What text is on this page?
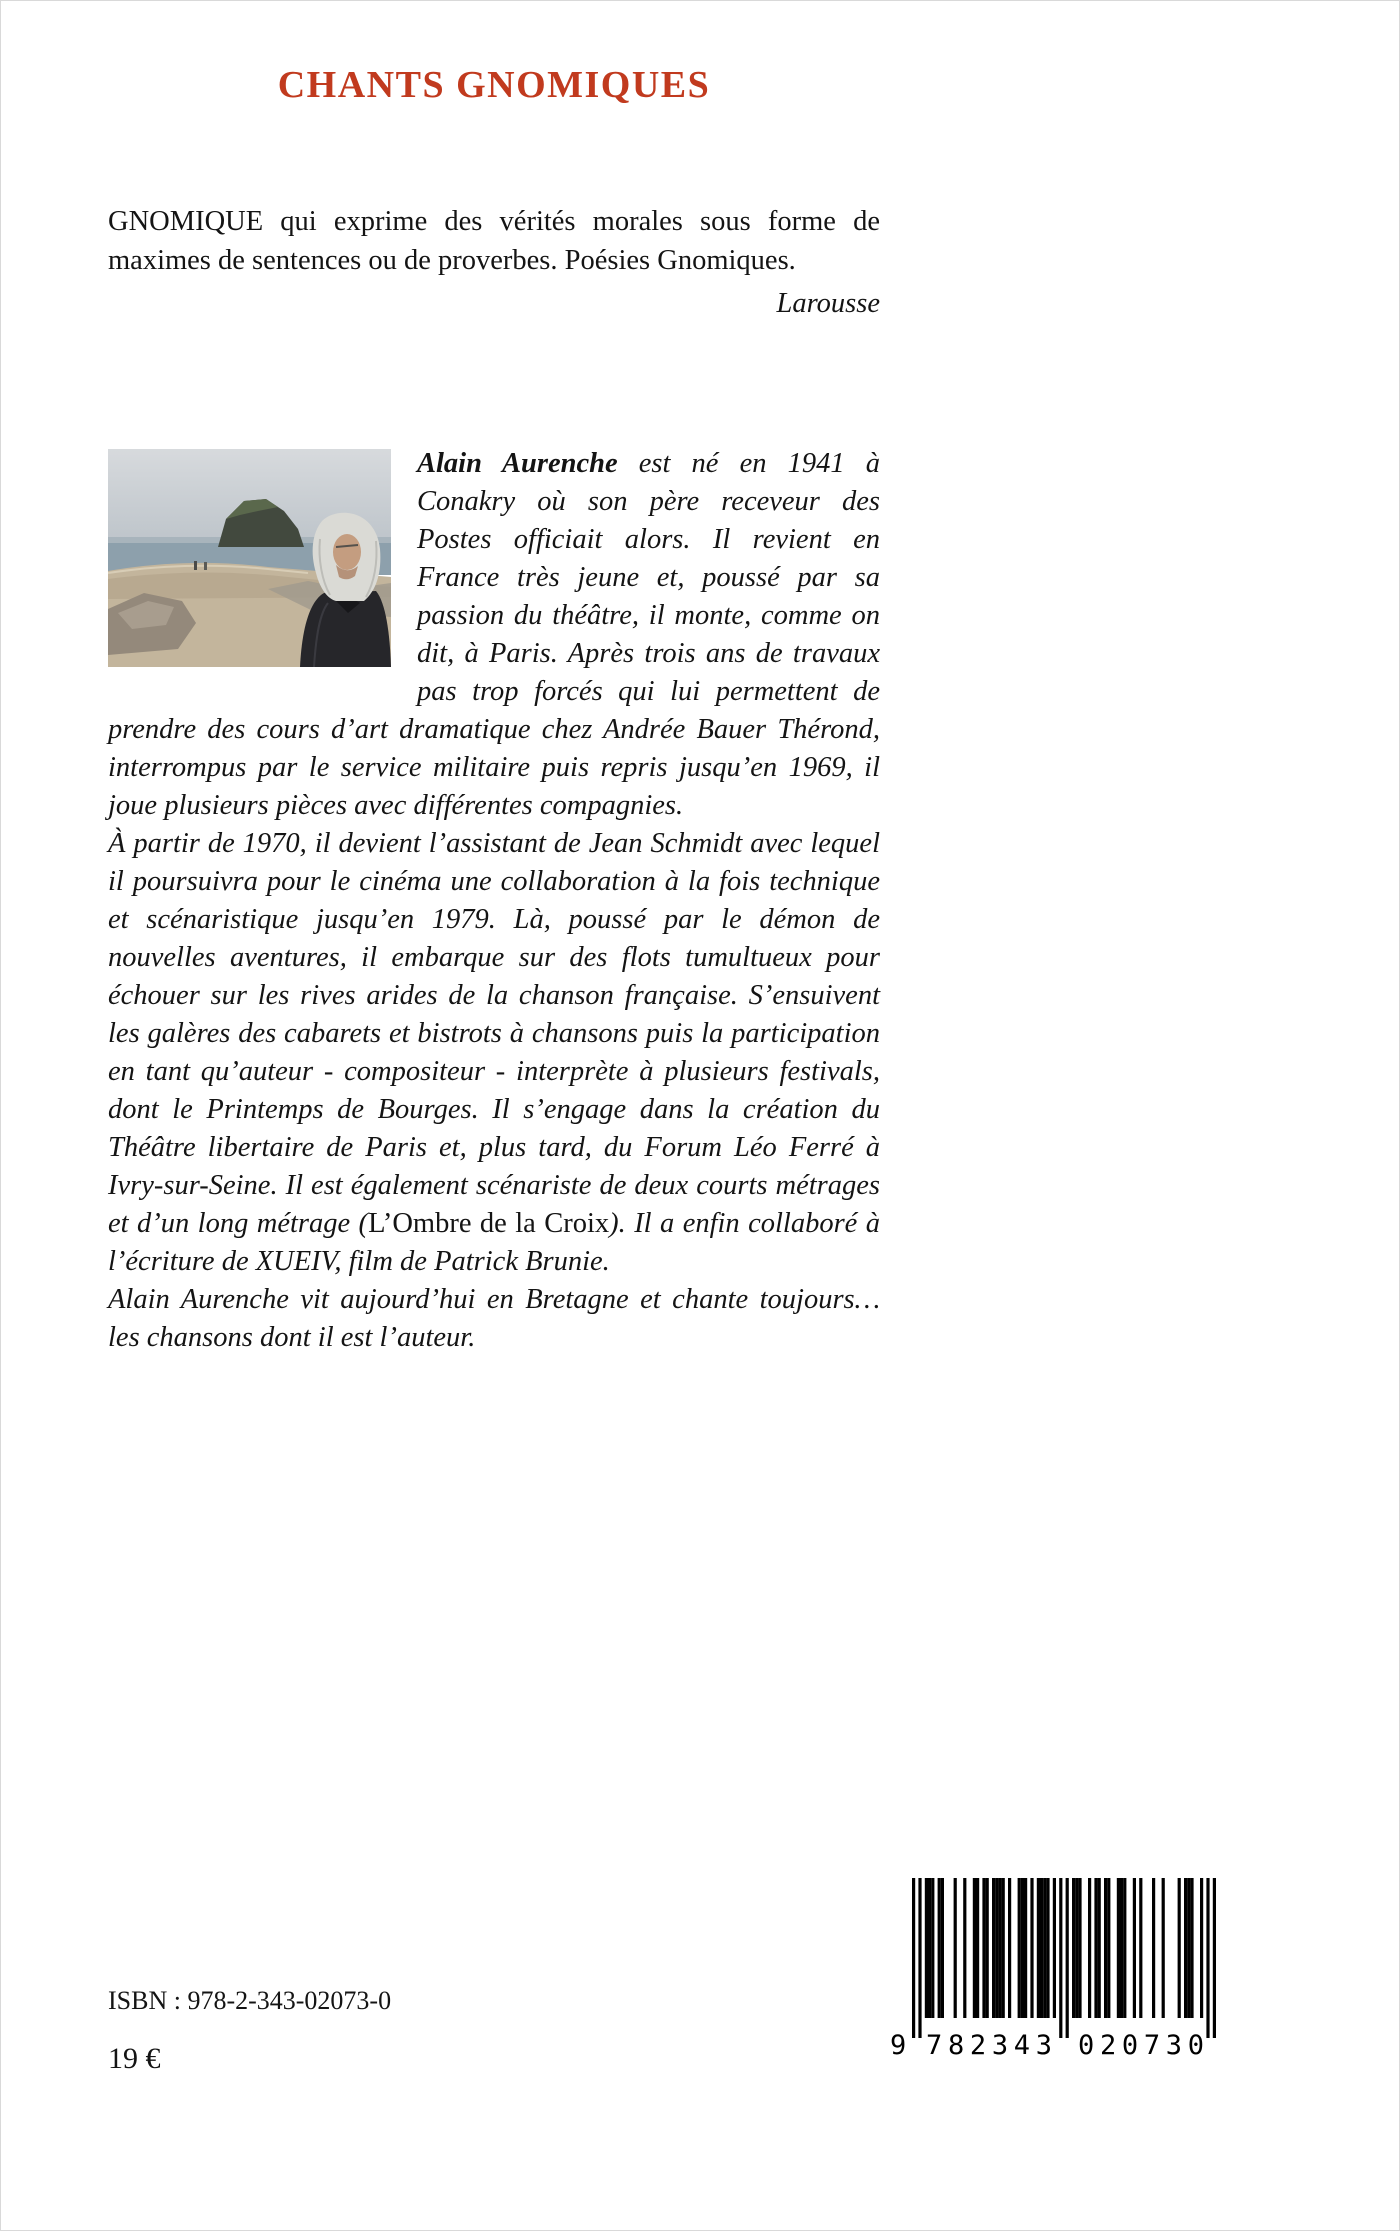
CHANTS GNOMIQUES

GNOMIQUE qui exprime des vérités morales sous forme de maximes de sentences ou de proverbes. Poésies Gnomiques.

Larousse

Alain Aurenche est né en 1941 à Conakry où son père receveur des Postes officiait alors. Il revient en France très jeune et, poussé par sa passion du théâtre, il monte, comme on dit, à Paris. Après trois ans de travaux pas trop forcés qui lui permettent de prendre des cours d’art dramatique chez Andrée Bauer Thérond, interrompus par le service militaire puis repris jusqu’en 1969, il joue plusieurs pièces avec différentes compagnies.

À partir de 1970, il devient l’assistant de Jean Schmidt avec lequel il poursuivra pour le cinéma une collaboration à la fois technique et scénaristique jusqu’en 1979. Là, poussé par le démon de nouvelles aventures, il embarque sur des flots tumultueux pour échouer sur les rives arides de la chanson française. S’ensuivent les galères des cabarets et bistrots à chansons puis la participation en tant qu’auteur - compositeur - interprète à plusieurs festivals, dont le Printemps de Bourges. Il s’engage dans la création du Théâtre libertaire de Paris et, plus tard, du Forum Léo Ferré à Ivry-sur-Seine. Il est également scénariste de deux courts métrages et d’un long métrage (L’Ombre de la Croix). Il a enfin collaboré à l’écriture de XUEIV, film de Patrick Brunie.

Alain Aurenche vit aujourd’hui en Bretagne et chante toujours… les chansons dont il est l’auteur.

ISBN : 978-2-343-02073-0
19 €	9 782343 020730
